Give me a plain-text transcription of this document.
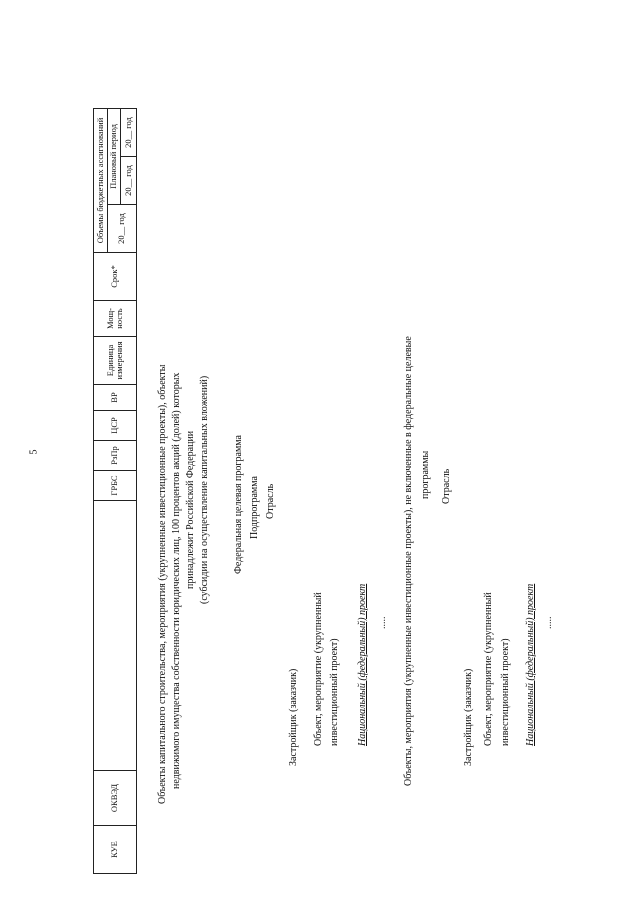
5
КУЕ	ОКВЭД		ГРБС	РзПр	ЦСР	ВР	Единица измерения	Мощ-ность	Срок*	Объемы бюджетных ассигнований		
										20__ год	Плановый период	
											20__ год	20__ год
Объекты капитального строительства, мероприятия (укрупненные инвестиционные проекты), объекты недвижимого имущества собственности юридических лиц, 100 процентов акций (долей) которых принадлежит Российской Федерации (субсидии на осуществление капитальных вложений) Федеральная целевая программа Подпрограмма Отрасль
Застройщик (заказчик) Объект, мероприятие (укрупненный инвестиционный проект) Национальный (федеральный) проект ..... Объекты, мероприятия (укрупненные инвестиционные проекты), не включенные в федеральные целевые программы Отрасль
Застройщик (заказчик) Объект, мероприятие (укрупненный инвестиционный проект) Национальный (федеральный) проект .....
